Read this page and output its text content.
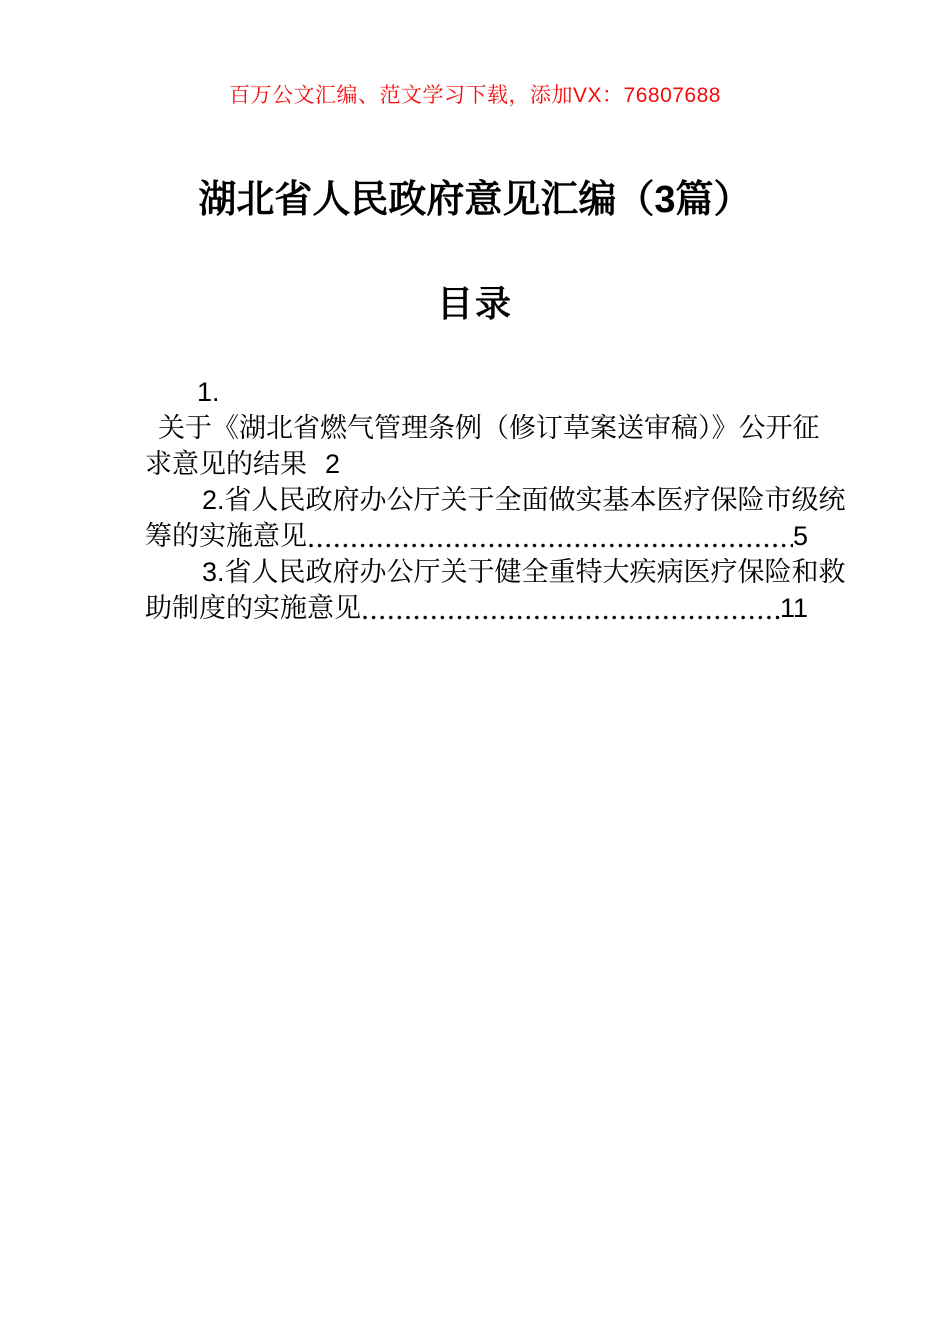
百万公文汇编、范文学习下载，添加VX：76807688
湖北省人民政府意见汇编（3篇）
目录
1.
关于《湖北省燃气管理条例（修订草案送审稿）》公开征
求意见的结果 2
2.省人民政府办公厅关于全面做实基本医疗保险市级统
筹的实施意见	5
3.省人民政府办公厅关于健全重特大疾病医疗保险和救
助制度的实施意见	11
